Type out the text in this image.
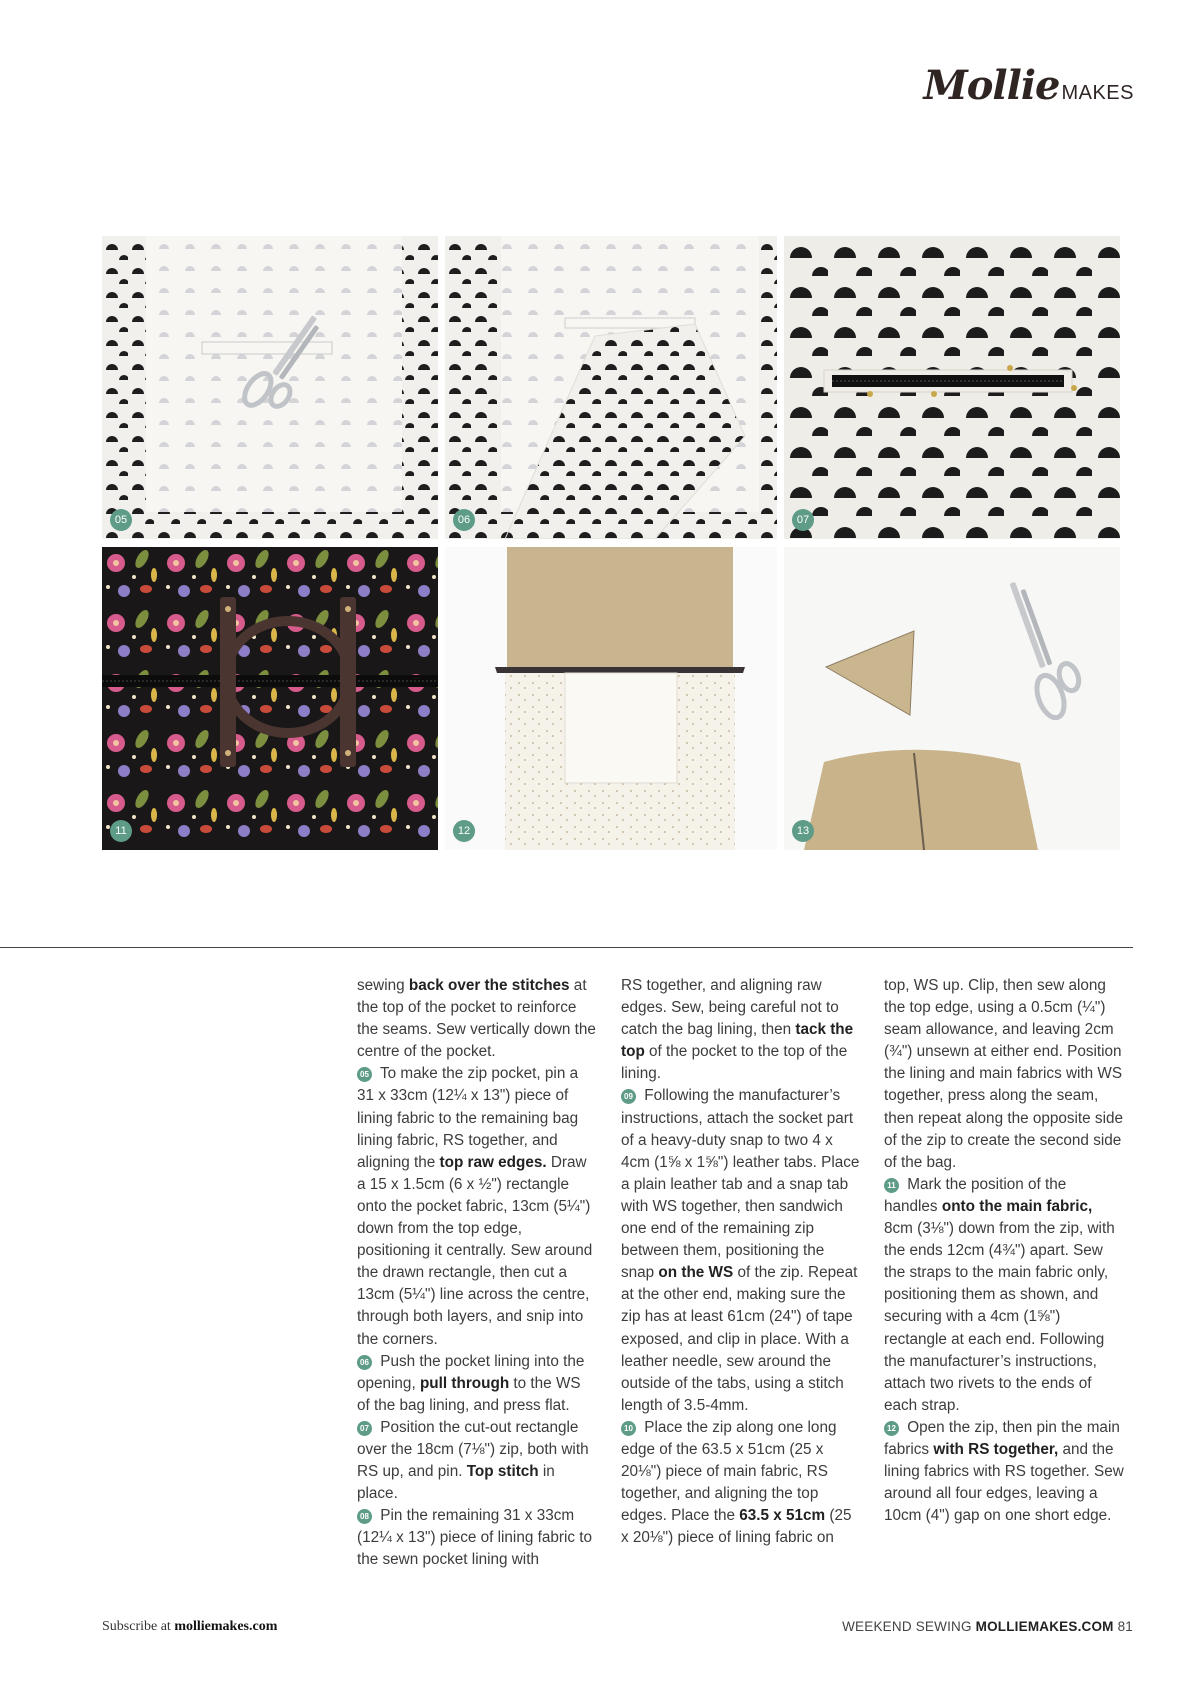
Mollie MAKES
05	06	07
11	12	13

sewing back over the stitches at the top of the pocket to reinforce the seams. Sew vertically down the centre of the pocket.

05 To make the zip pocket, pin a 31 x 33cm (12¼ x 13") piece of lining fabric to the remaining bag lining fabric, RS together, and aligning the top raw edges. Draw a 15 x 1.5cm (6 x ½") rectangle onto the pocket fabric, 13cm (5¼") down from the top edge, positioning it centrally. Sew around the drawn rectangle, then cut a 13cm (5¼") line across the centre, through both layers, and snip into the corners.

06 Push the pocket lining into the opening, pull through to the WS of the bag lining, and press flat.

07 Position the cut-out rectangle over the 18cm (7⅛") zip, both with RS up, and pin. Top stitch in place.

08 Pin the remaining 31 x 33cm (12¼ x 13") piece of lining fabric to the sewn pocket lining with

RS together, and aligning raw edges. Sew, being careful not to catch the bag lining, then tack the top of the pocket to the top of the lining.

09 Following the manufacturer’s instructions, attach the socket part of a heavy-duty snap to two 4 x 4cm (1⅝ x 1⅝") leather tabs. Place a plain leather tab and a snap tab with WS together, then sandwich one end of the remaining zip between them, positioning the snap on the WS of the zip. Repeat at the other end, making sure the zip has at least 61cm (24") of tape exposed, and clip in place. With a leather needle, sew around the outside of the tabs, using a stitch length of 3.5-4mm.

10 Place the zip along one long edge of the 63.5 x 51cm (25 x 20⅛") piece of main fabric, RS together, and aligning the top edges. Place the 63.5 x 51cm (25 x 20⅛") piece of lining fabric on

top, WS up. Clip, then sew along the top edge, using a 0.5cm (¼") seam allowance, and leaving 2cm (¾") unsewn at either end. Position the lining and main fabrics with WS together, press along the seam, then repeat along the opposite side of the zip to create the second side of the bag.

11 Mark the position of the handles onto the main fabric, 8cm (3⅛") down from the zip, with the ends 12cm (4¾") apart. Sew the straps to the main fabric only, positioning them as shown, and securing with a 4cm (1⅝") rectangle at each end. Following the manufacturer’s instructions, attach two rivets to the ends of each strap.

12 Open the zip, then pin the main fabrics with RS together, and the lining fabrics with RS together. Sew around all four edges, leaving a 10cm (4") gap on one short edge.

Subscribe at molliemakes.com	WEEKEND SEWING MOLLIEMAKES.COM 81
